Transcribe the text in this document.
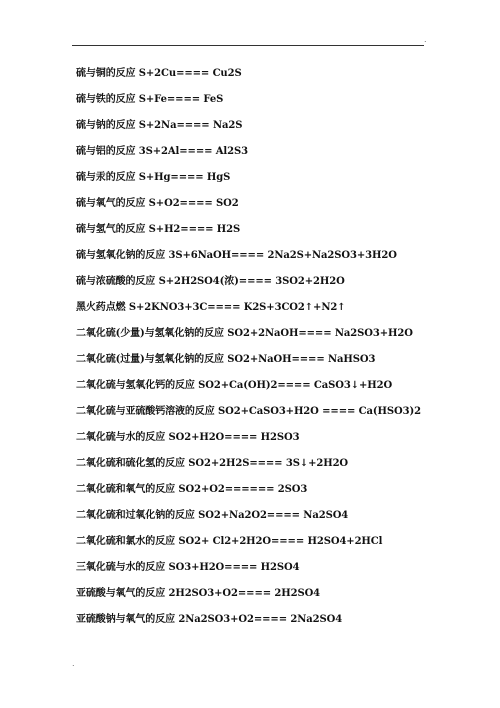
.
硫与铜的反应 S+2Cu==== Cu2S
硫与铁的反应 S+Fe==== FeS
硫与钠的反应 S+2Na==== Na2S
硫与铝的反应 3S+2Al==== Al2S3
硫与汞的反应 S+Hg==== HgS
硫与氧气的反应 S+O2==== SO2
硫与氢气的反应 S+H2==== H2S
硫与氢氧化钠的反应 3S+6NaOH==== 2Na2S+Na2SO3+3H2O
硫与浓硫酸的反应 S+2H2SO4(浓)==== 3SO2+2H2O
黑火药点燃 S+2KNO3+3C==== K2S+3CO2↑+N2↑
二氧化硫(少量)与氢氧化钠的反应 SO2+2NaOH==== Na2SO3+H2O
二氧化硫(过量)与氢氧化钠的反应 SO2+NaOH==== NaHSO3
二氧化硫与氢氧化钙的反应 SO2+Ca(OH)2==== CaSO3↓+H2O
二氧化硫与亚硫酸钙溶液的反应 SO2+CaSO3+H2O ==== Ca(HSO3)2
二氧化硫与水的反应 SO2+H2O==== H2SO3
二氧化硫和硫化氢的反应 SO2+2H2S==== 3S↓+2H2O
二氧化硫和氧气的反应 SO2+O2====== 2SO3
二氧化硫和过氧化钠的反应 SO2+Na2O2==== Na2SO4
二氧化硫和氯水的反应 SO2+ Cl2+2H2O==== H2SO4+2HCl
三氧化硫与水的反应 SO3+H2O==== H2SO4
亚硫酸与氧气的反应 2H2SO3+O2==== 2H2SO4
亚硫酸钠与氧气的反应 2Na2SO3+O2==== 2Na2SO4
.
